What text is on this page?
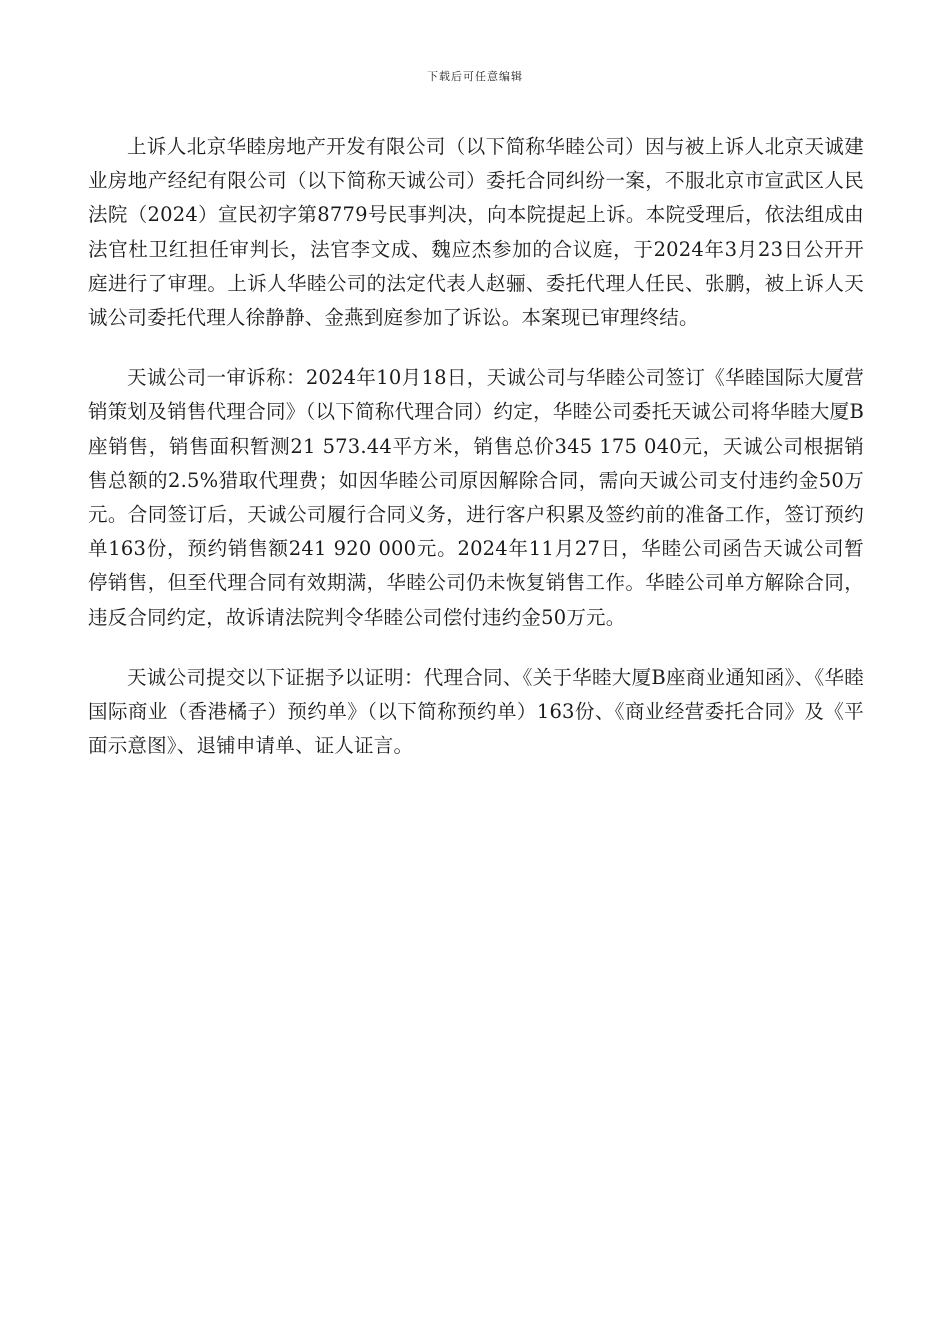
下载后可任意编辑

上诉人北京华睦房地产开发有限公司（以下简称华睦公司）因与被上诉人北京天诚建业房地产经纪有限公司（以下简称天诚公司）委托合同纠纷一案，不服北京市宣武区人民法院（2024）宣民初字第8779号民事判决，向本院提起上诉。本院受理后，依法组成由法官杜卫红担任审判长，法官李文成、魏应杰参加的合议庭，于2024年3月23日公开开庭进行了审理。上诉人华睦公司的法定代表人赵骊、委托代理人任民、张鹏，被上诉人天诚公司委托代理人徐静静、金燕到庭参加了诉讼。本案现已审理终结。

天诚公司一审诉称：2024年10月18日，天诚公司与华睦公司签订《华睦国际大厦营销策划及销售代理合同》（以下简称代理合同）约定，华睦公司委托天诚公司将华睦大厦B座销售，销售面积暂测21 573.44平方米，销售总价345 175 040元，天诚公司根据销售总额的2.5%猎取代理费；如因华睦公司原因解除合同，需向天诚公司支付违约金50万元。合同签订后，天诚公司履行合同义务，进行客户积累及签约前的准备工作，签订预约单163份，预约销售额241 920 000元。2024年11月27日，华睦公司函告天诚公司暂停销售，但至代理合同有效期满，华睦公司仍未恢复销售工作。华睦公司单方解除合同，违反合同约定，故诉请法院判令华睦公司偿付违约金50万元。

天诚公司提交以下证据予以证明：代理合同、《关于华睦大厦B座商业通知函》、《华睦国际商业（香港橘子）预约单》（以下简称预约单）163份、《商业经营委托合同》及《平面示意图》、退铺申请单、证人证言。
